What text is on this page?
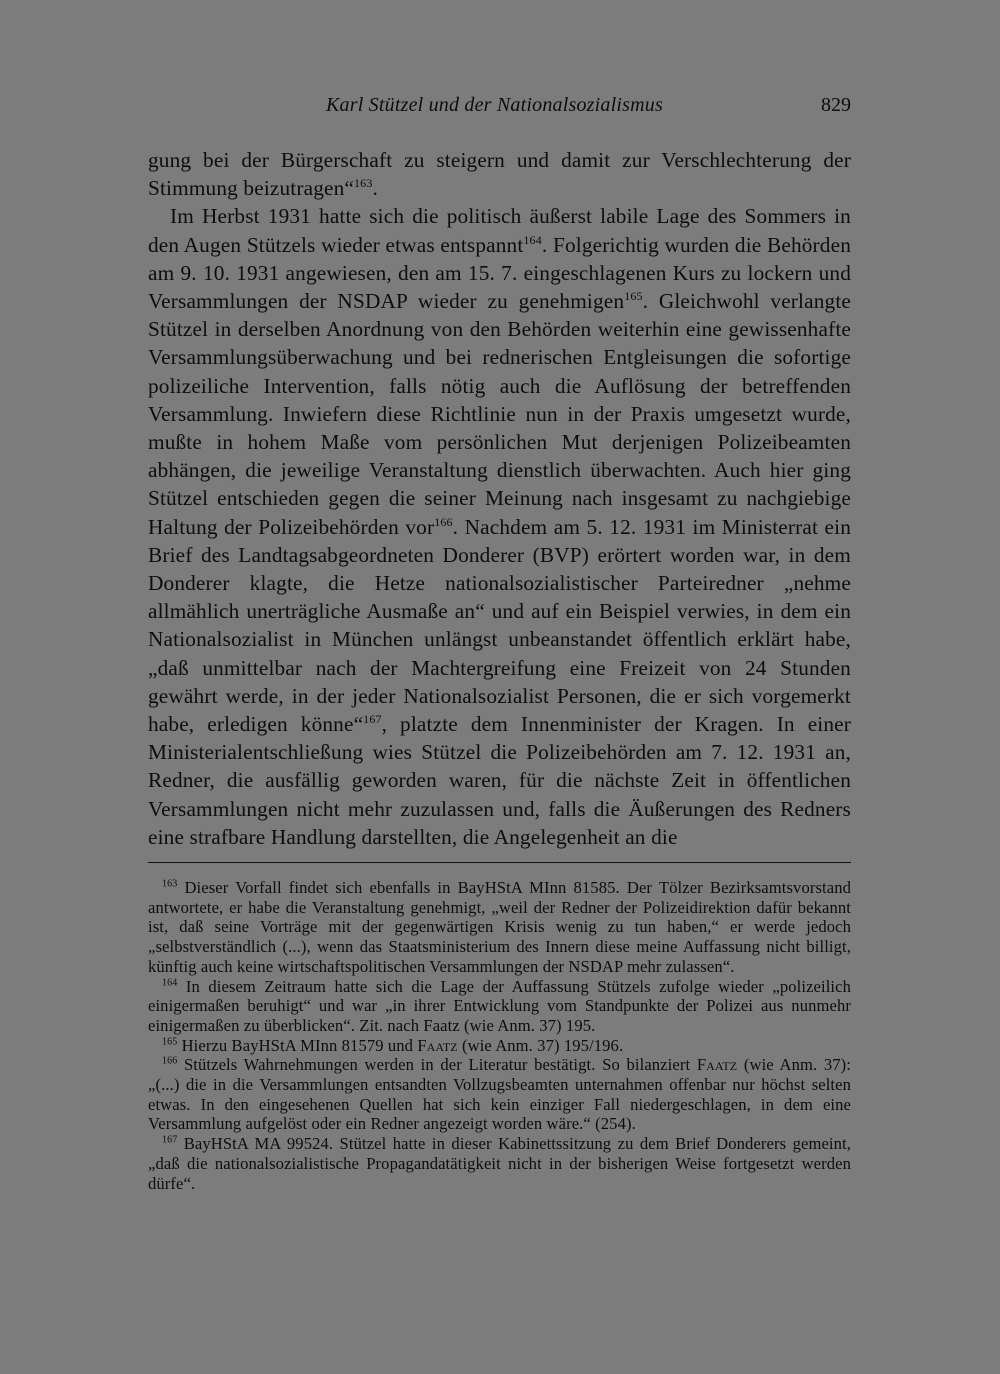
Karl Stützel und der Nationalsozialismus	829

gung bei der Bürgerschaft zu steigern und damit zur Verschlechterung der Stimmung beizutragen“$^{163}$.

Im Herbst 1931 hatte sich die politisch äußerst labile Lage des Sommers in den Augen Stützels wieder etwas entspannt$^{164}$. Folgerichtig wurden die Behörden am 9. 10. 1931 angewiesen, den am 15. 7. eingeschlagenen Kurs zu lockern und Versammlungen der NSDAP wieder zu genehmigen$^{165}$. Gleichwohl verlangte Stützel in derselben Anordnung von den Behörden weiterhin eine gewissenhafte Versammlungsüberwachung und bei rednerischen Entgleisungen die sofortige polizeiliche Intervention, falls nötig auch die Auflösung der betreffenden Versammlung. Inwiefern diese Richtlinie nun in der Praxis umgesetzt wurde, mußte in hohem Maße vom persönlichen Mut derjenigen Polizeibeamten abhängen, die jeweilige Veranstaltung dienstlich überwachten. Auch hier ging Stützel entschieden gegen die seiner Meinung nach insgesamt zu nachgiebige Haltung der Polizeibehörden vor$^{166}$. Nachdem am 5. 12. 1931 im Ministerrat ein Brief des Landtagsabgeordneten Donderer (BVP) erörtert worden war, in dem Donderer klagte, die Hetze nationalsozialistischer Parteiredner „nehme allmählich unerträgliche Ausmaße an“ und auf ein Beispiel verwies, in dem ein Nationalsozialist in München unlängst unbeanstandet öffentlich erklärt habe, „daß unmittelbar nach der Machtergreifung eine Freizeit von 24 Stunden gewährt werde, in der jeder Nationalsozialist Personen, die er sich vorgemerkt habe, erledigen könne“$^{167}$, platzte dem Innenminister der Kragen. In einer Ministerialentschließung wies Stützel die Polizeibehörden am 7. 12. 1931 an, Redner, die ausfällig geworden waren, für die nächste Zeit in öffentlichen Versammlungen nicht mehr zuzulassen und, falls die Äußerungen des Redners eine strafbare Handlung darstellten, die Angelegenheit an die

$^{163}$ Dieser Vorfall findet sich ebenfalls in BayHStA MInn 81585. Der Tölzer Bezirksamtsvorstand antwortete, er habe die Veranstaltung genehmigt, „weil der Redner der Polizeidirektion dafür bekannt ist, daß seine Vorträge mit der gegenwärtigen Krisis wenig zu tun haben,“ er werde jedoch „selbstverständlich (...), wenn das Staatsministerium des Innern diese meine Auffassung nicht billigt, künftig auch keine wirtschaftspolitischen Versammlungen der NSDAP mehr zulassen“.

$^{164}$ In diesem Zeitraum hatte sich die Lage der Auffassung Stützels zufolge wieder „polizeilich einigermaßen beruhigt“ und war „in ihrer Entwicklung vom Standpunkte der Polizei aus nunmehr einigermaßen zu überblicken“. Zit. nach Faatz (wie Anm. 37) 195.

$^{165}$ Hierzu BayHStA MInn 81579 und Faatz (wie Anm. 37) 195/196.

$^{166}$ Stützels Wahrnehmungen werden in der Literatur bestätigt. So bilanziert Faatz (wie Anm. 37): „(...) die in die Versammlungen entsandten Vollzugsbeamten unternahmen offenbar nur höchst selten etwas. In den eingesehenen Quellen hat sich kein einziger Fall niedergeschlagen, in dem eine Versammlung aufgelöst oder ein Redner angezeigt worden wäre.“ (254).

$^{167}$ BayHStA MA 99524. Stützel hatte in dieser Kabinettssitzung zu dem Brief Donderers gemeint, „daß die nationalsozialistische Propagandatätigkeit nicht in der bisherigen Weise fortgesetzt werden dürfe“.
